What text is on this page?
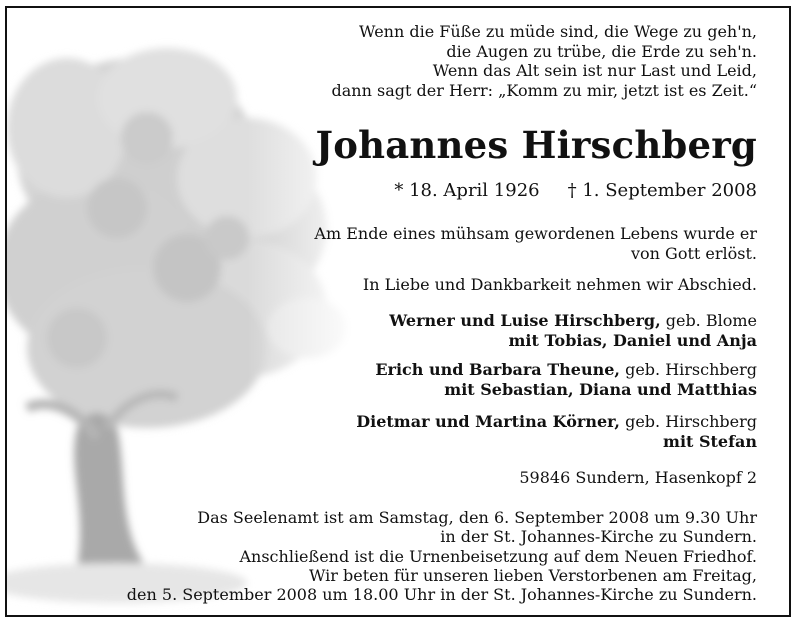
Wenn die Füße zu müde sind, die Wege zu geh'n,
die Augen zu trübe, die Erde zu seh'n.
Wenn das Alt sein ist nur Last und Leid,
dann sagt der Herr: „Komm zu mir, jetzt ist es Zeit.“
Johannes Hirschberg
* 18. April 1926 † 1. September 2008
Am Ende eines mühsam gewordenen Lebens wurde er
von Gott erlöst.
In Liebe und Dankbarkeit nehmen wir Abschied.
Werner und Luise Hirschberg, geb. Blome
mit Tobias, Daniel und Anja
Erich und Barbara Theune, geb. Hirschberg
mit Sebastian, Diana und Matthias
Dietmar und Martina Körner, geb. Hirschberg
mit Stefan
59846 Sundern, Hasenkopf 2
Das Seelenamt ist am Samstag, den 6. September 2008 um 9.30 Uhr
in der St. Johannes-Kirche zu Sundern.
Anschließend ist die Urnenbeisetzung auf dem Neuen Friedhof.
Wir beten für unseren lieben Verstorbenen am Freitag,
den 5. September 2008 um 18.00 Uhr in der St. Johannes-Kirche zu Sundern.
